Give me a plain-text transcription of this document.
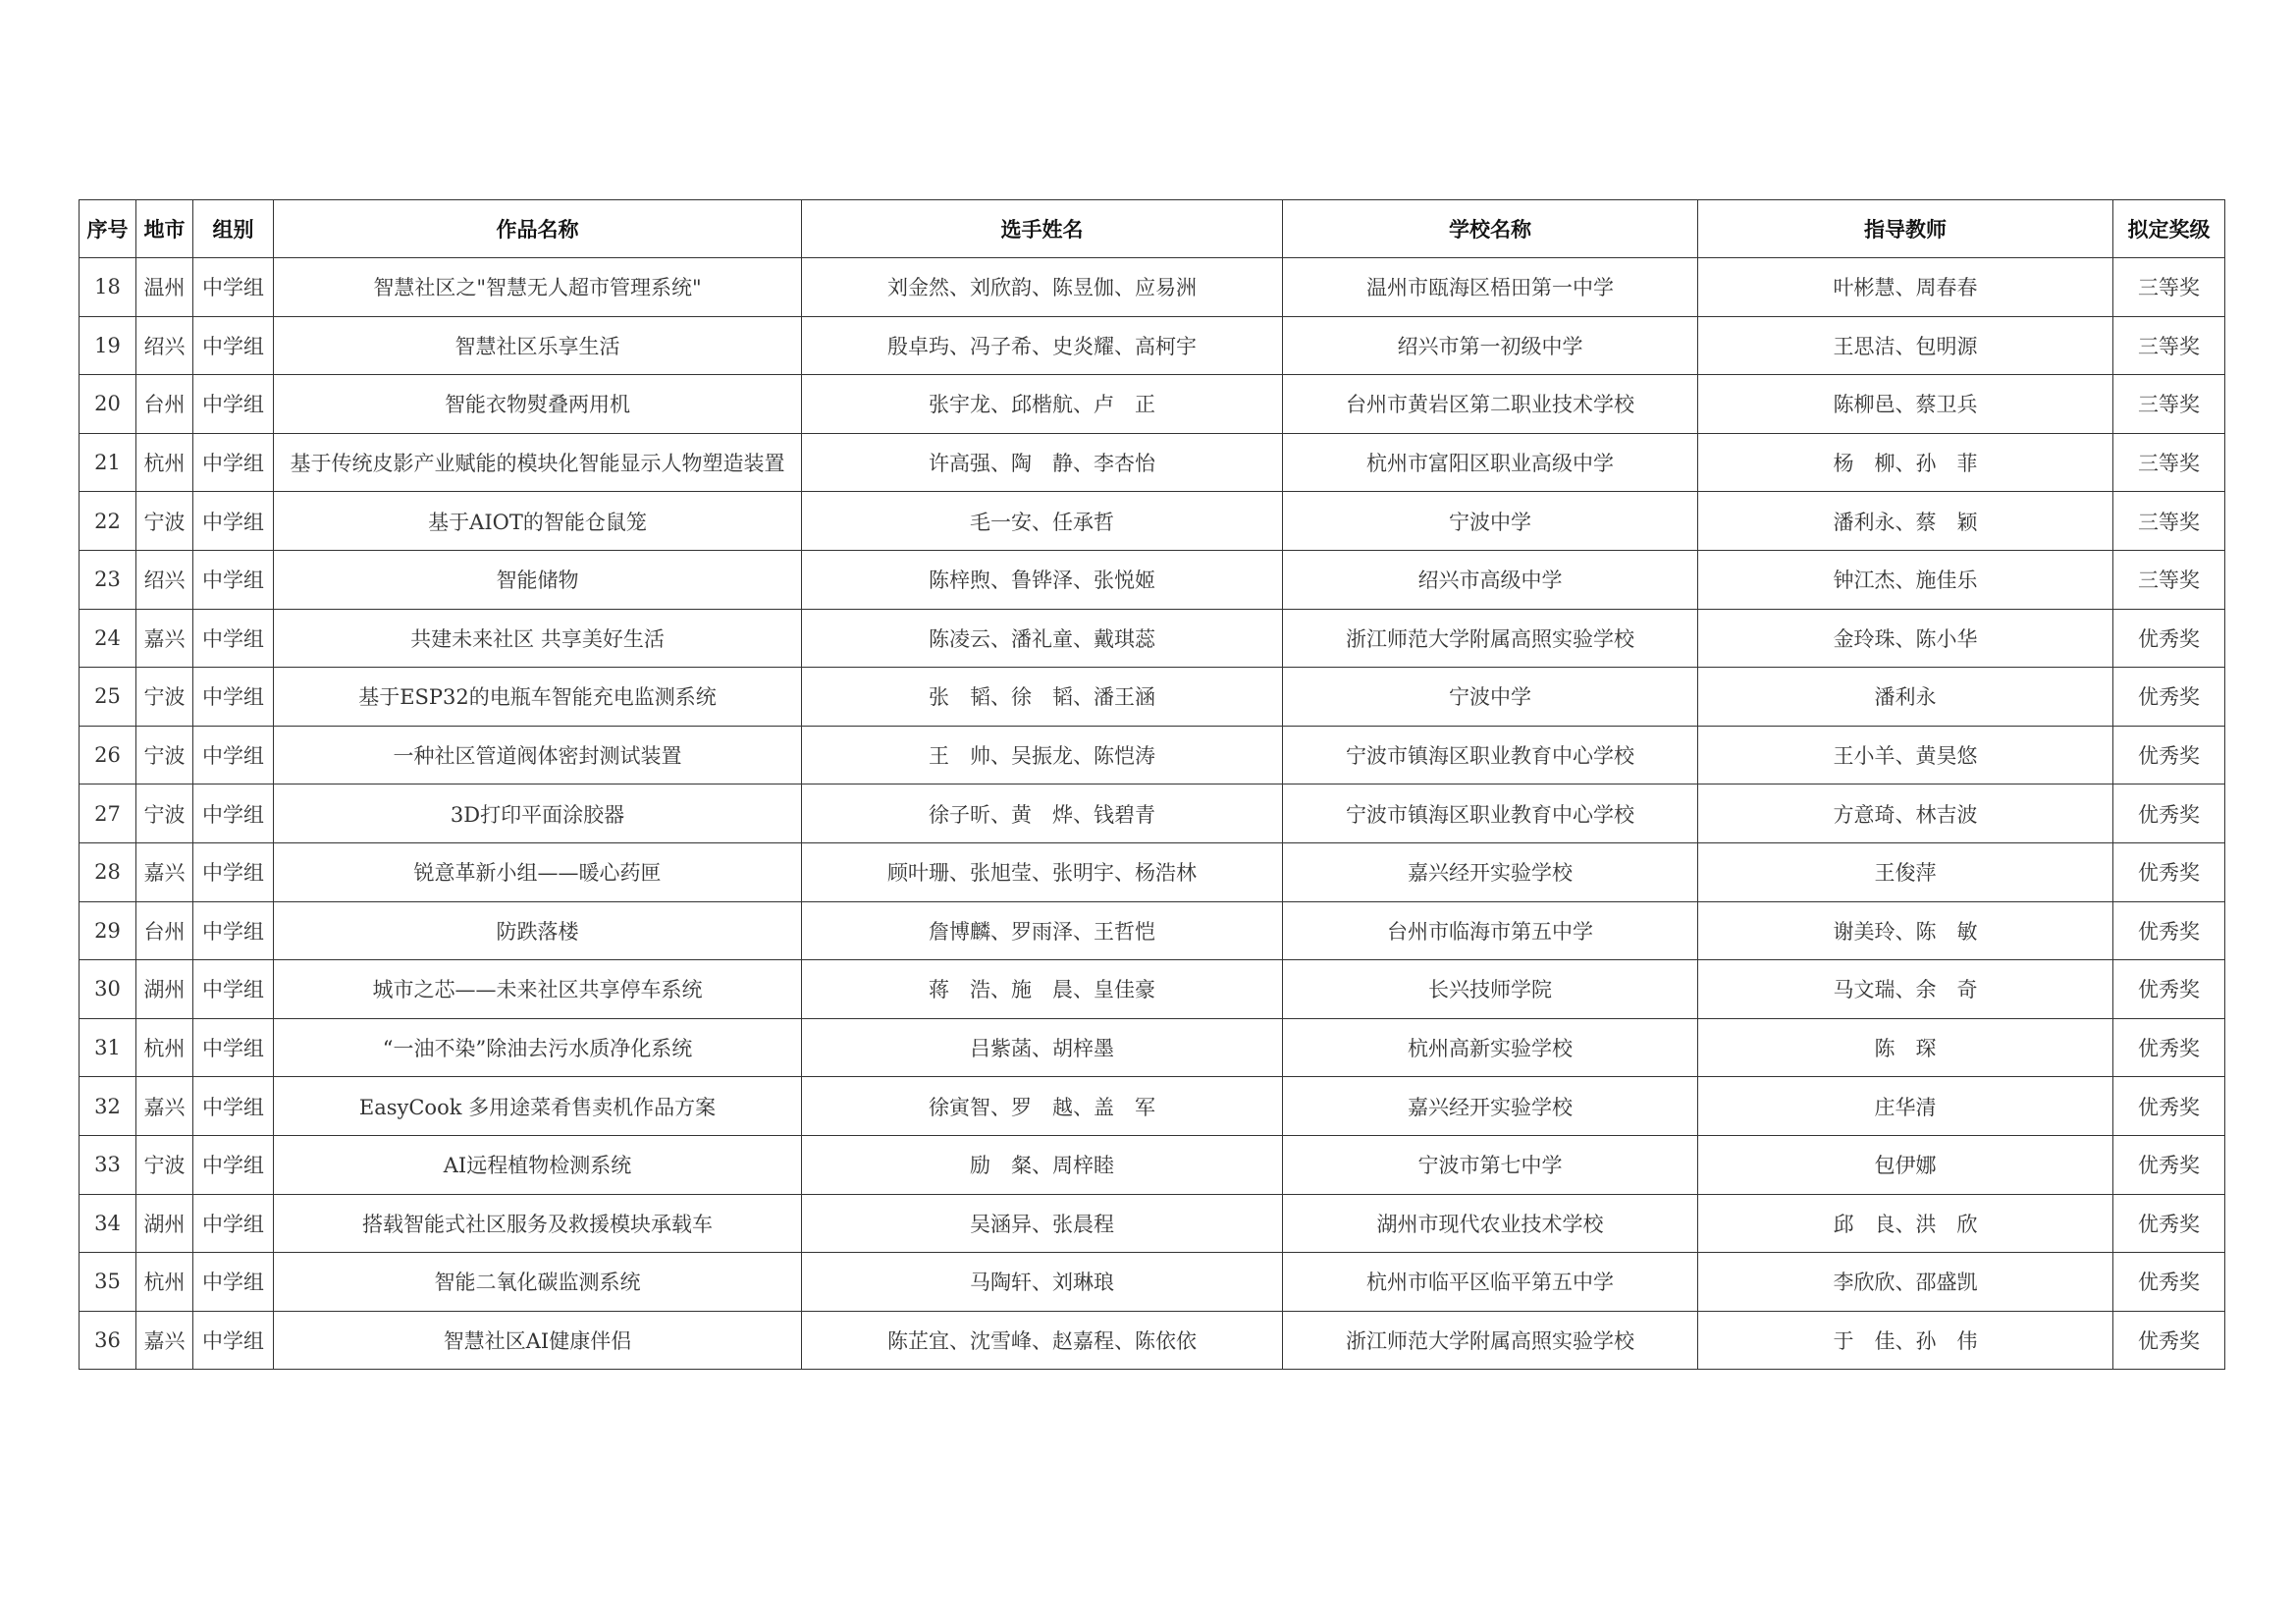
序号	地市	组别	作品名称	选手姓名	学校名称	指导教师	拟定奖级
18	温州	中学组	智慧社区之"智慧无人超市管理系统"	刘金然、刘欣韵、陈昱伽、应易洲	温州市瓯海区梧田第一中学	叶彬慧、周春春	三等奖
19	绍兴	中学组	智慧社区乐享生活	殷卓玙、冯子希、史炎耀、高柯宇	绍兴市第一初级中学	王思洁、包明源	三等奖
20	台州	中学组	智能衣物熨叠两用机	张宇龙、邱楷航、卢　正	台州市黄岩区第二职业技术学校	陈柳邑、蔡卫兵	三等奖
21	杭州	中学组	基于传统皮影产业赋能的模块化智能显示人物塑造装置	许高强、陶　静、李杏怡	杭州市富阳区职业高级中学	杨　柳、孙　菲	三等奖
22	宁波	中学组	基于AIOT的智能仓鼠笼	毛一安、任承哲	宁波中学	潘利永、蔡　颖	三等奖
23	绍兴	中学组	智能储物	陈梓煦、鲁铧泽、张悦姬	绍兴市高级中学	钟江杰、施佳乐	三等奖
24	嘉兴	中学组	共建未来社区 共享美好生活	陈凌云、潘礼童、戴琪蕊	浙江师范大学附属高照实验学校	金玲珠、陈小华	优秀奖
25	宁波	中学组	基于ESP32的电瓶车智能充电监测系统	张　韬、徐　韬、潘王涵	宁波中学	潘利永	优秀奖
26	宁波	中学组	一种社区管道阀体密封测试装置	王　帅、吴振龙、陈恺涛	宁波市镇海区职业教育中心学校	王小羊、黄昊悠	优秀奖
27	宁波	中学组	3D打印平面涂胶器	徐子昕、黄　烨、钱碧青	宁波市镇海区职业教育中心学校	方意琦、林吉波	优秀奖
28	嘉兴	中学组	锐意革新小组——暖心药匣	顾叶珊、张旭莹、张明宇、杨浩林	嘉兴经开实验学校	王俊萍	优秀奖
29	台州	中学组	防跌落楼	詹博麟、罗雨泽、王哲恺	台州市临海市第五中学	谢美玲、陈　敏	优秀奖
30	湖州	中学组	城市之芯——未来社区共享停车系统	蒋　浩、施　晨、皇佳豪	长兴技师学院	马文瑞、余　奇	优秀奖
31	杭州	中学组	“一油不染”除油去污水质净化系统	吕紫菡、胡梓墨	杭州高新实验学校	陈　琛	优秀奖
32	嘉兴	中学组	EasyCook 多用途菜肴售卖机作品方案	徐寅智、罗　越、盖　军	嘉兴经开实验学校	庄华清	优秀奖
33	宁波	中学组	AI远程植物检测系统	励　粲、周梓睦	宁波市第七中学	包伊娜	优秀奖
34	湖州	中学组	搭载智能式社区服务及救援模块承载车	吴涵异、张晨程	湖州市现代农业技术学校	邱　良、洪　欣	优秀奖
35	杭州	中学组	智能二氧化碳监测系统	马陶轩、刘琳琅	杭州市临平区临平第五中学	李欣欣、邵盛凯	优秀奖
36	嘉兴	中学组	智慧社区AI健康伴侣	陈芷宜、沈雪峰、赵嘉程、陈依依	浙江师范大学附属高照实验学校	于　佳、孙　伟	优秀奖
